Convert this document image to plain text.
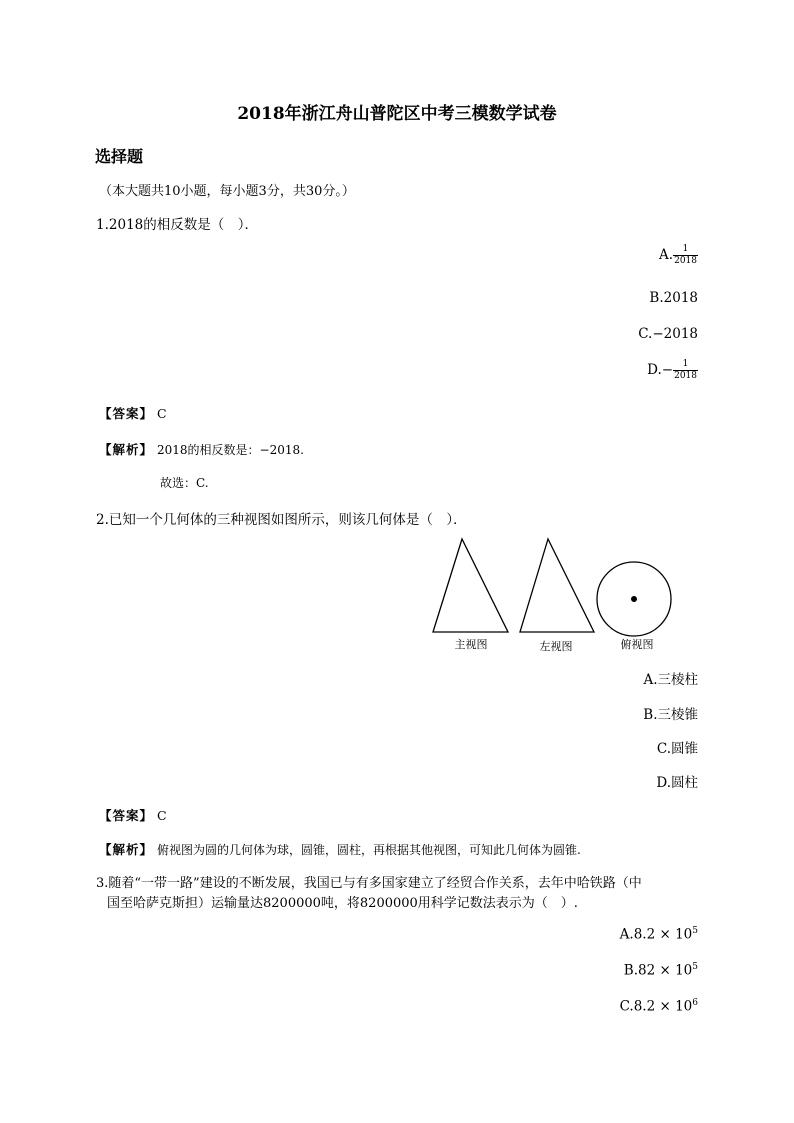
2018年浙江舟山普陀区中考三模数学试卷
选择题
（本大题共10小题，每小题3分，共30分。）
1.2018的相反数是（　）．
A. $\frac{1}{2018}$
B.2018
C.−2018
$D.- \frac{1}{2018}$
【答案】 C
【解析】 2018的相反数是：−2018.
故选：C.
2.已知一个几何体的三种视图如图所示，则该几何体是（　）．
主视图	左视图	俯视图
A.三棱柱
B.三棱锥
C.圆锥
D.圆柱
【答案】 C
【解析】 俯视图为圆的几何体为球，圆锥，圆柱，再根据其他视图，可知此几何体为圆锥.
3.随着“一带一路”建设的不断发展，我国已与有多国家建立了经贸合作关系，去年中哈铁路（中
国至哈萨克斯担）运输量达8200000吨，将8200000用科学记数法表示为（　）.
$A.8.2 \times 10^5$
$B.82 \times 10^5$
$C.8.2 \times 10^6$
